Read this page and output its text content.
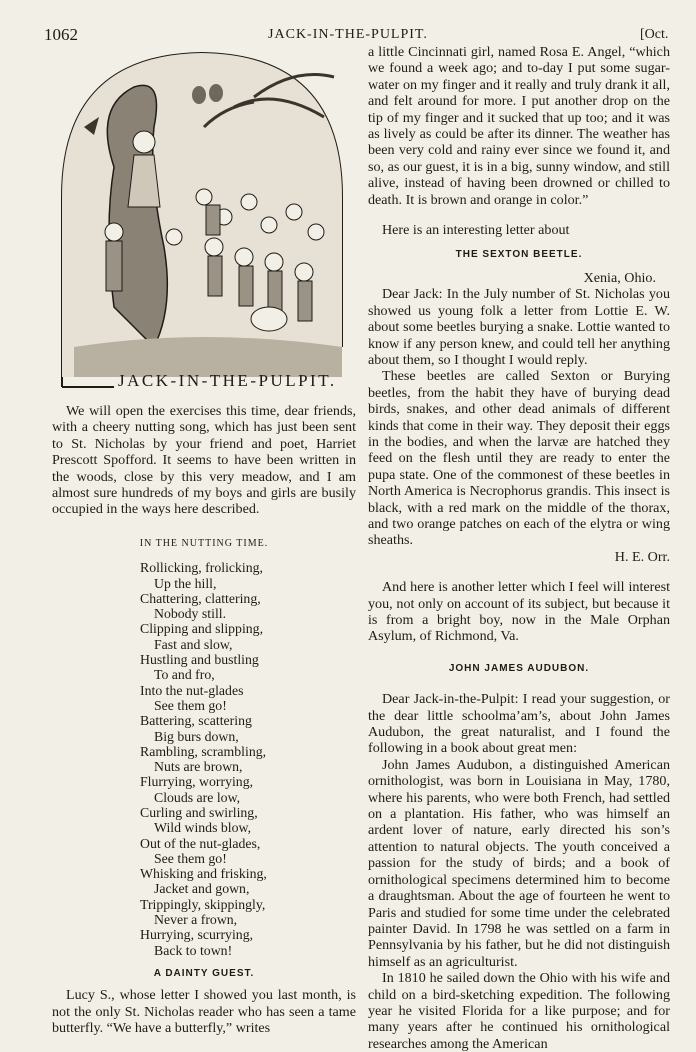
1062	JACK-IN-THE-PULPIT.	[Oct.
JACK-IN-THE-PULPIT.

We will open the exercises this time, dear friends, with a cheery nutting song, which has just been sent to St. Nicholas by your friend and poet, Harriet Prescott Spofford. It seems to have been written in the woods, close by this very meadow, and I am almost sure hundreds of my boys and girls are busily occupied in the ways here described.

IN THE NUTTING TIME.
Rollicking, frolicking,
Up the hill,
Chattering, clattering,
Nobody still.
Clipping and slipping,
Fast and slow,
Hustling and bustling
To and fro,
Into the nut-glades
See them go!
Battering, scattering
Big burs down,
Rambling, scrambling,
Nuts are brown,
Flurrying, worrying,
Clouds are low,
Curling and swirling,
Wild winds blow,
Out of the nut-glades,
See them go!
Whisking and frisking,
Jacket and gown,
Trippingly, skippingly,
Never a frown,
Hurrying, scurrying,
Back to town!
A DAINTY GUEST.

Lucy S., whose letter I showed you last month, is not the only St. Nicholas reader who has seen a tame butterfly. “We have a butterfly,” writes

a little Cincinnati girl, named Rosa E. Angel, “which we found a week ago; and to-day I put some sugar-water on my finger and it really and truly drank it all, and felt around for more. I put another drop on the tip of my finger and it sucked that up too; and it was as lively as could be after its dinner. The weather has been very cold and rainy ever since we found it, and so, as our guest, it is in a big, sunny window, and still alive, instead of having been drowned or chilled to death. It is brown and orange in color.”

Here is an interesting letter about

THE SEXTON BEETLE.
Xenia, Ohio.

Dear Jack: In the July number of St. Nicholas you showed us young folk a letter from Lottie E. W. about some beetles burying a snake. Lottie wanted to know if any person knew, and could tell her anything about them, so I thought I would reply.

These beetles are called Sexton or Burying beetles, from the habit they have of burying dead birds, snakes, and other dead animals of different kinds that come in their way. They deposit their eggs in the bodies, and when the larvæ are hatched they feed on the flesh until they are ready to enter the pupa state. One of the commonest of these beetles in North America is Necrophorus grandis. This insect is black, with a red mark on the middle of the thorax, and two orange patches on each of the elytra or wing sheaths.

H. E. Orr.

And here is another letter which I feel will interest you, not only on account of its subject, but because it is from a bright boy, now in the Male Orphan Asylum, of Richmond, Va.

JOHN JAMES AUDUBON.

Dear Jack-in-the-Pulpit: I read your suggestion, or the dear little schoolma’am’s, about John James Audubon, the great naturalist, and I found the following in a book about great men:

John James Audubon, a distinguished American ornithologist, was born in Louisiana in May, 1780, where his parents, who were both French, had settled on a plantation. His father, who was himself an ardent lover of nature, early directed his son’s attention to natural objects. The youth conceived a passion for the study of birds; and a book of ornithological specimens determined him to become a draughtsman. About the age of fourteen he went to Paris and studied for some time under the celebrated painter David. In 1798 he was settled on a farm in Pennsylvania by his father, but he did not distinguish himself as an agriculturist.

In 1810 he sailed down the Ohio with his wife and child on a bird-sketching expedition. The following year he visited Florida for a like purpose; and for many years after he continued his ornithological researches among the American
